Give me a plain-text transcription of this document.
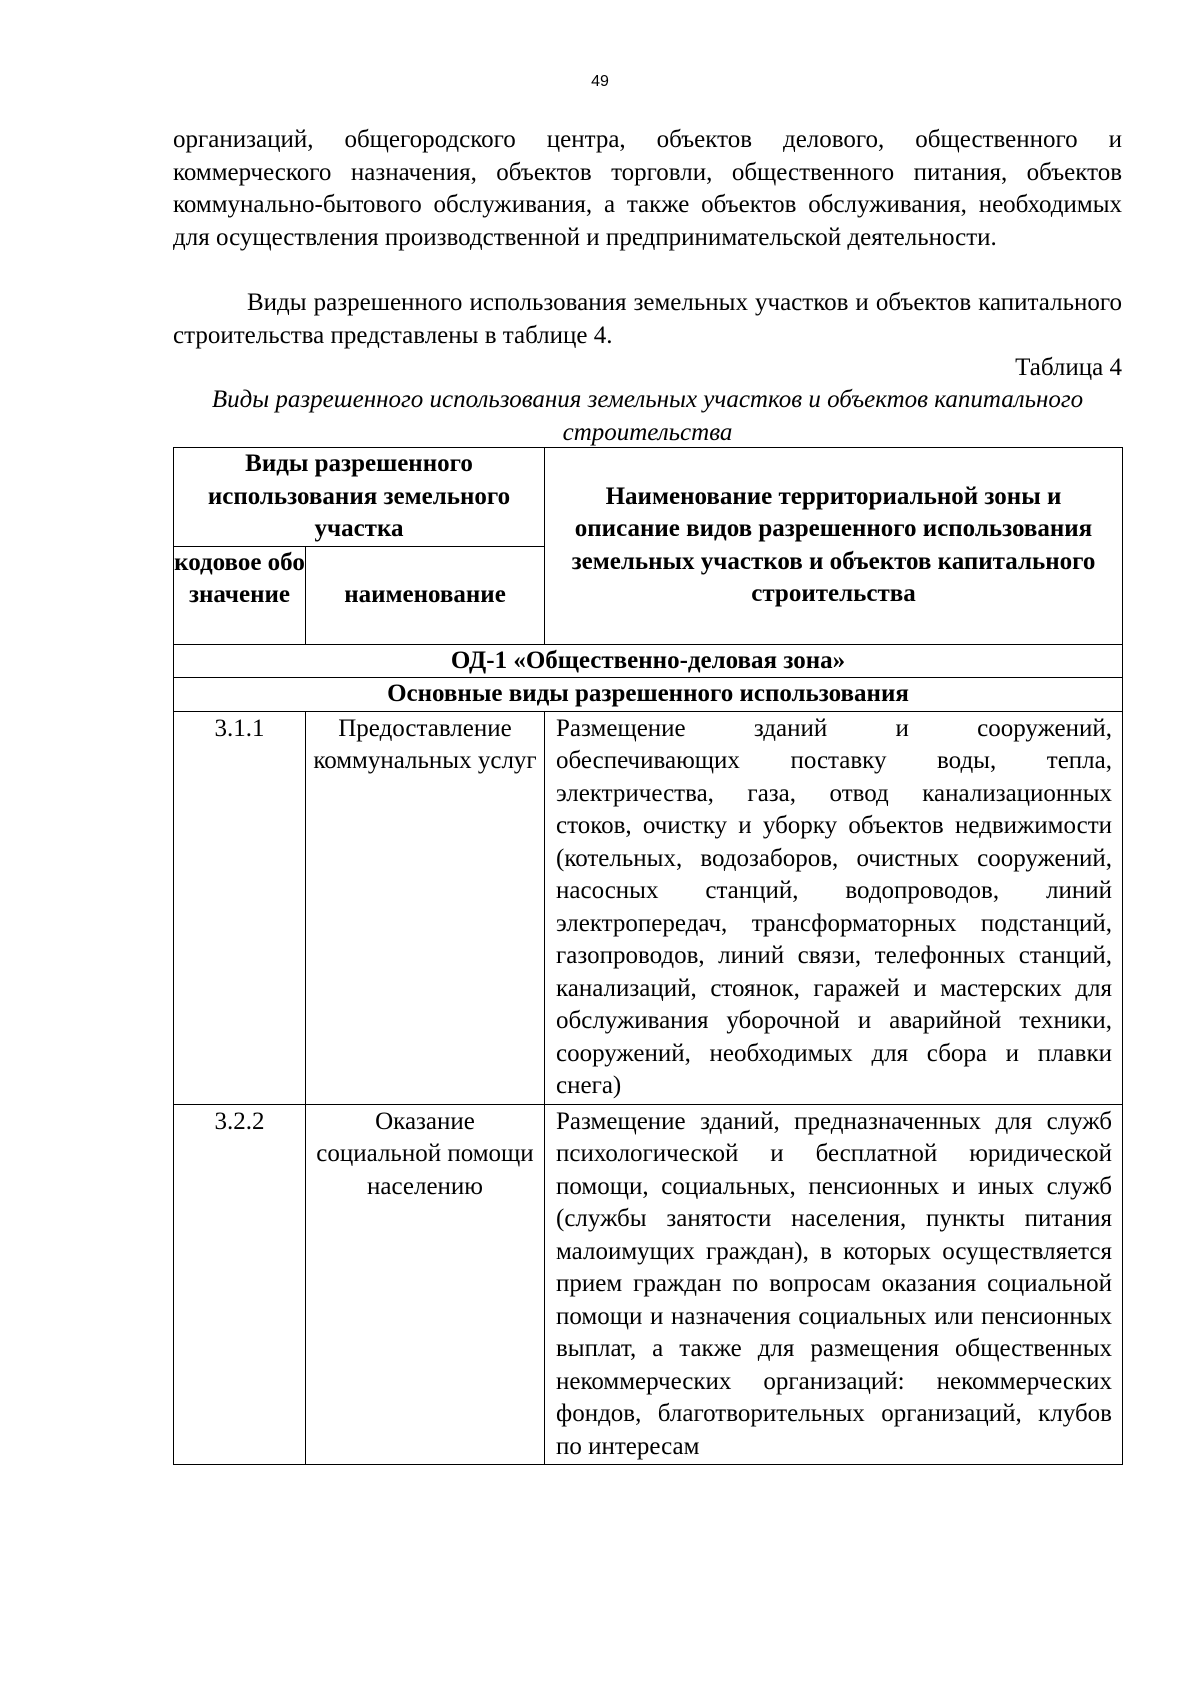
49
организаций, общегородского центра, объектов делового, общественного и коммерческого назначения, объектов торговли, общественного питания, объектов коммунально-бытового обслуживания, а также объектов обслуживания, необходимых для осуществления производственной и предпринимательской деятельности.
Виды разрешенного использования земельных участков и объектов капитального строительства представлены в таблице 4.
Таблица 4
Виды разрешенного использования земельных участков и объектов капитального строительства
Виды разрешенного использования земельного участка		Наименование территориальной зоны и описание видов разрешенного использования земельных участков и объектов капитального строительства
кодовое обозначение	наименование	
ОД-1 «Общественно-деловая зона»		
Основные виды разрешенного использования		
3.1.1	Предоставление коммунальных услуг	Размещение зданий и сооружений, обеспечивающих поставку воды, тепла, электричества, газа, отвод канализационных стоков, очистку и уборку объектов недвижимости (котельных, водозаборов, очистных сооружений, насосных станций, водопроводов, линий электропередач, трансформаторных подстанций, газопроводов, линий связи, телефонных станций, канализаций, стоянок, гаражей и мастерских для обслуживания уборочной и аварийной техники, сооружений, необходимых для сбора и плавки снега)
3.2.2	Оказание социальной помощи населению	Размещение зданий, предназначенных для служб психологической и бесплатной юридической помощи, социальных, пенсионных и иных служб (службы занятости населения, пункты питания малоимущих граждан), в которых осуществляется прием граждан по вопросам оказания социальной помощи и назначения социальных или пенсионных выплат, а также для размещения общественных некоммерческих организаций: некоммерческих фондов, благотворительных организаций, клубов по интересам
